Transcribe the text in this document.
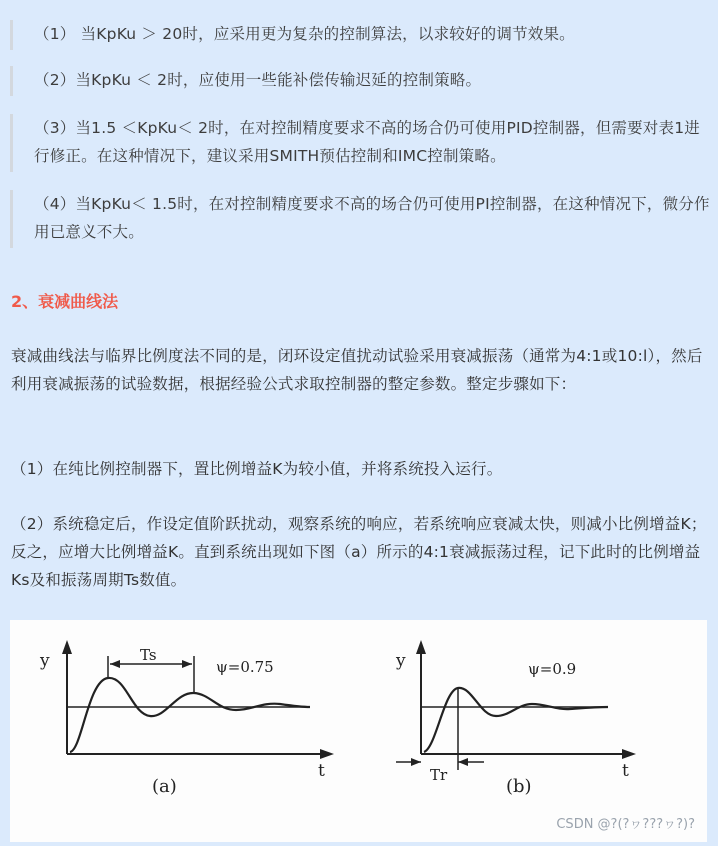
（1） 当KpKu ＞ 20时，应采用更为复杂的控制算法，以求较好的调节效果。
（2）当KpKu ＜ 2时，应使用一些能补偿传输迟延的控制策略。
（3）当1.5 ＜KpKu＜ 2时，在对控制精度要求不高的场合仍可使用PID控制器，但需要对表1进行修正。在这种情况下，建议采用SMITH预估控制和IMC控制策略。
（4）当KpKu＜ 1.5时，在对控制精度要求不高的场合仍可使用PI控制器，在这种情况下，微分作用已意义不大。
2、衰减曲线法
衰减曲线法与临界比例度法不同的是，闭环设定值扰动试验采用衰减振荡（通常为4:1或10:l），然后利用衰减振荡的试验数据，根据经验公式求取控制器的整定参数。整定步骤如下：
（1）在纯比例控制器下，置比例增益K为较小值，并将系统投入运行。
（2）系统稳定后，作设定值阶跃扰动，观察系统的响应，若系统响应衰减太快，则减小比例增益K；反之，应增大比例增益K。直到系统出现如下图（a）所示的4:1衰减振荡过程，记下此时的比例增益Ks及和振荡周期Ts数值。
y
t
Ts
ψ=0.75
(a)
y
t
Tr
ψ=0.9
(b)
CSDN @?(?ヮ???ヮ?)?
